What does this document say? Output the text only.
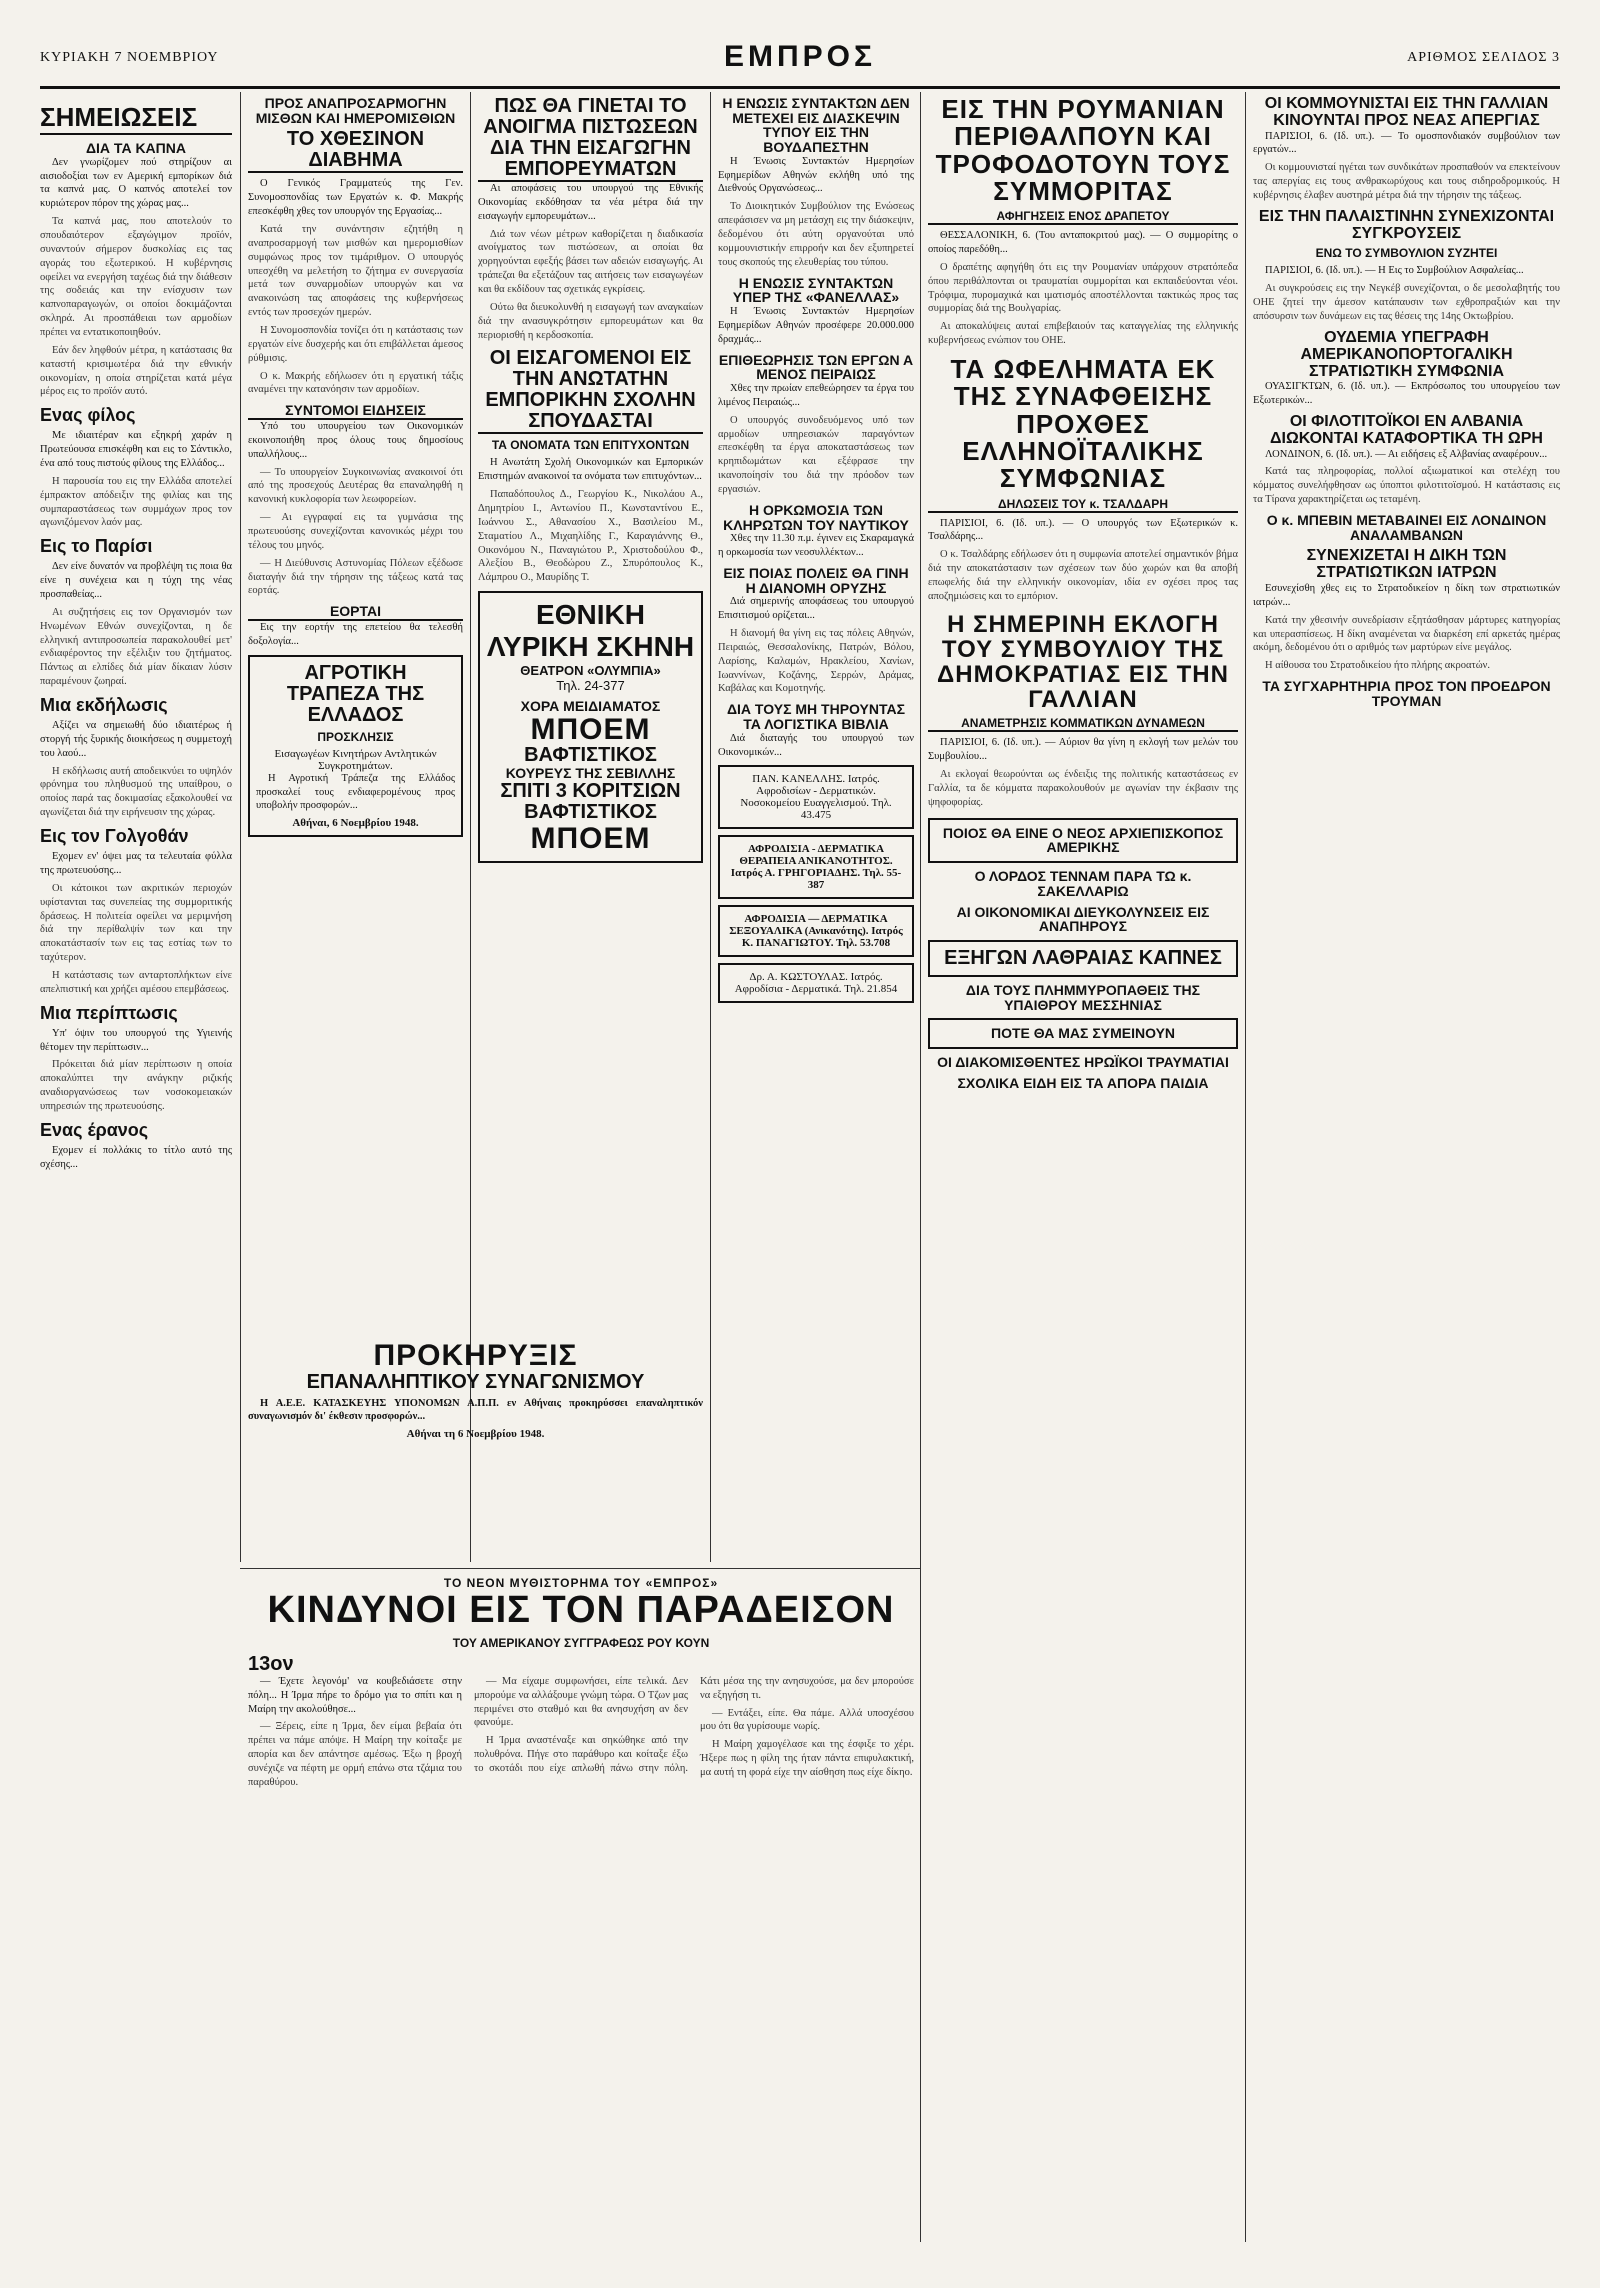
ΚΥΡΙΑΚΗ 7 ΝΟΕΜΒΡΙΟΥ	ΕΜΠΡΟΣ	ΑΡΙΘΜΟΣ ΣΕΛΙΔΟΣ 3
ΣΗΜΕΙΩΣΕΙΣ
ΔΙΑ ΤΑ ΚΑΠΝΑ

Δεν γνωρίζομεν πού στηρίζουν αι αισιοδοξίαι των εν Αμερική εμπορίκων διά τα καπνά μας. Ο καπνός αποτελεί τον κυριώτερον πόρον της χώρας μας...

Τα καπνά μας, που αποτελούν το σπουδαιότερον εξαγώγιμον προϊόν, συναντούν σήμερον δυσκολίας εις τας αγοράς του εξωτερικού. Η κυβέρνησις οφείλει να ενεργήση ταχέως διά την διάθεσιν της σοδειάς και την ενίσχυσιν των καπνοπαραγωγών, οι οποίοι δοκιμάζονται σκληρά. Αι προσπάθειαι των αρμοδίων πρέπει να εντατικοποιηθούν.

Εάν δεν ληφθούν μέτρα, η κατάστασις θα καταστή κρισιμωτέρα διά την εθνικήν οικονομίαν, η οποία στηρίζεται κατά μέγα μέρος εις το προϊόν αυτό.

Ενας φίλος

Με ιδιαιτέραν και εξηκρή χαράν η Πρωτεύουσα επισκέφθη και εις το Σάντικλο, ένα από τους πιστούς φίλους της Ελλάδος...

Η παρουσία του εις την Ελλάδα αποτελεί έμπρακτον απόδειξιν της φιλίας και της συμπαραστάσεως των συμμάχων προς τον αγωνιζόμενον λαόν μας.

Εις το Παρίσι

Δεν είνε δυνατόν να προβλέψη τις ποια θα είνε η συνέχεια και η τύχη της νέας προσπαθείας...

Αι συζητήσεις εις τον Οργανισμόν των Ηνωμένων Εθνών συνεχίζονται, η δε ελληνική αντιπροσωπεία παρακολουθεί μετ' ενδιαφέροντος την εξέλιξιν του ζητήματος. Πάντως αι ελπίδες διά μίαν δίκαιαν λύσιν παραμένουν ζωηραί.

Μια εκδήλωσις

Αξίζει να σημειωθή δύο ιδιαιτέρως ή στοργή τής ξυρικής διοικήσεως η συμμετοχή του λαού...

Η εκδήλωσις αυτή αποδεικνύει το υψηλόν φρόνημα του πληθυσμού της υπαίθρου, ο οποίος παρά τας δοκιμασίας εξακολουθεί να αγωνίζεται διά την ειρήνευσιν της χώρας.

Εις τον Γολγοθάν

Εχομεν εν' όψει μας τα τελευταία φύλλα της πρωτευούσης...

Οι κάτοικοι των ακριτικών περιοχών υφίστανται τας συνεπείας της συμμοριτικής δράσεως. Η πολιτεία οφείλει να μεριμνήση διά την περίθαλψίν των και την αποκατάστασίν των εις τας εστίας των το ταχύτερον.

Η κατάστασις των ανταρτοπλήκτων είνε απελπιστική και χρήζει αμέσου επεμβάσεως.

Μια περίπτωσις

Υπ' όψιν του υπουργού της Υγιεινής θέτομεν την περίπτωσιν...

Πρόκειται διά μίαν περίπτωσιν η οποία αποκαλύπτει την ανάγκην ριζικής αναδιοργανώσεως των νοσοκομειακών υπηρεσιών της πρωτευούσης.

Ενας έρανος

Εχομεν εί πολλάκις το τίτλο αυτό της σχέσης...

ΠΡΟΣ ΑΝΑΠΡΟΣΑΡΜΟΓΗΝ ΜΙΣΘΩΝ ΚΑΙ ΗΜΕΡΟΜΙΣΘΙΩΝ
ΤΟ ΧΘΕΣΙΝΟΝ ΔΙΑΒΗΜΑ

Ο Γενικός Γραμματεύς της Γεν. Συνομοσπονδίας των Εργατών κ. Φ. Μακρής επεσκέφθη χθες τον υπουργόν της Εργασίας...

Κατά την συνάντησιν εζητήθη η αναπροσαρμογή των μισθών και ημερομισθίων συμφώνως προς τον τιμάριθμον. Ο υπουργός υπεσχέθη να μελετήση το ζήτημα εν συνεργασία μετά των συναρμοδίων υπουργών και να ανακοινώση τας αποφάσεις της κυβερνήσεως εντός των προσεχών ημερών.

Η Συνομοσπονδία τονίζει ότι η κατάστασις των εργατών είνε δυσχερής και ότι επιβάλλεται άμεσος ρύθμισις.

Ο κ. Μακρής εδήλωσεν ότι η εργατική τάξις αναμένει την κατανόησιν των αρμοδίων.

ΣΥΝΤΟΜΟΙ ΕΙΔΗΣΕΙΣ

Υπό του υπουργείου των Οικονομικών εκοινοποιήθη προς όλους τους δημοσίους υπαλλήλους...

— Το υπουργείον Συγκοινωνίας ανακοινοί ότι από της προσεχούς Δευτέρας θα επαναληφθή η κανονική κυκλοφορία των λεωφορείων.

— Αι εγγραφαί εις τα γυμνάσια της πρωτευούσης συνεχίζονται κανονικώς μέχρι του τέλους του μηνός.

— Η Διεύθυνσις Αστυνομίας Πόλεων εξέδωσε διαταγήν διά την τήρησιν της τάξεως κατά τας εορτάς.

ΕΟΡΤΑΙ

Εις την εορτήν της επετείου θα τελεσθή δοξολογία...

ΑΓΡΟΤΙΚΗ ΤΡΑΠΕΖΑ ΤΗΣ ΕΛΛΑΔΟΣ
ΠΡΟΣΚΛΗΣΙΣ
Εισαγωγέων Κινητήρων Αντλητικών Συγκροτημάτων.

Η Αγροτική Τράπεζα της Ελλάδος προσκαλεί τους ενδιαφερομένους προς υποβολήν προσφορών...

Αθήναι, 6 Νοεμβρίου 1948.
ΠΩΣ ΘΑ ΓΙΝΕΤΑΙ ΤΟ ΑΝΟΙΓΜΑ ΠΙΣΤΩΣΕΩΝ ΔΙΑ ΤΗΝ ΕΙΣΑΓΩΓΗΝ ΕΜΠΟΡΕΥΜΑΤΩΝ

Αι αποφάσεις του υπουργού της Εθνικής Οικονομίας εκδόθησαν τα νέα μέτρα διά την εισαγωγήν εμπορευμάτων...

Διά των νέων μέτρων καθορίζεται η διαδικασία ανοίγματος των πιστώσεων, αι οποίαι θα χορηγούνται εφεξής βάσει των αδειών εισαγωγής. Αι τράπεζαι θα εξετάζουν τας αιτήσεις των εισαγωγέων και θα εκδίδουν τας σχετικάς εγκρίσεις.

Ούτω θα διευκολυνθή η εισαγωγή των αναγκαίων διά την ανασυγκρότησιν εμπορευμάτων και θα περιορισθή η κερδοσκοπία.

ΟΙ ΕΙΣΑΓΟΜΕΝΟΙ ΕΙΣ ΤΗΝ ΑΝΩΤΑΤΗΝ ΕΜΠΟΡΙΚΗΝ ΣΧΟΛΗΝ ΣΠΟΥΔΑΣΤΑΙ
ΤΑ ΟΝΟΜΑΤΑ ΤΩΝ ΕΠΙΤΥΧΟΝΤΩΝ

Η Ανωτάτη Σχολή Οικονομικών και Εμπορικών Επιστημών ανακοινοί τα ονόματα των επιτυχόντων...

Παπαδόπουλος Δ., Γεωργίου Κ., Νικολάου Α., Δημητρίου Ι., Αντωνίου Π., Κωνσταντίνου Ε., Ιωάννου Σ., Αθανασίου Χ., Βασιλείου Μ., Σταματίου Λ., Μιχαηλίδης Γ., Καραγιάννης Θ., Οικονόμου Ν., Παναγιώτου Ρ., Χριστοδούλου Φ., Αλεξίου Β., Θεοδώρου Ζ., Σπυρόπουλος Κ., Λάμπρου Ο., Μαυρίδης Τ.

ΕΘΝΙΚΗ ΛΥΡΙΚΗ ΣΚΗΝΗ
ΘΕΑΤΡΟΝ «ΟΛΥΜΠΙΑ»
Τηλ. 24-377
ΧΟΡΑ ΜΕΙΔΙΑΜΑΤΟΣ
ΜΠΟΕΜ
ΒΑΦΤΙΣΤΙΚΟΣ
ΚΟΥΡΕΥΣ ΤΗΣ ΣΕΒΙΛΛΗΣ
ΣΠΙΤΙ 3 ΚΟΡΙΤΣΙΩΝ
ΒΑΦΤΙΣΤΙΚΟΣ
ΜΠΟΕΜ
Η ΕΝΩΣΙΣ ΣΥΝΤΑΚΤΩΝ ΔΕΝ ΜΕΤΕΧΕΙ ΕΙΣ ΔΙΑΣΚΕΨΙΝ ΤΥΠΟΥ ΕΙΣ ΤΗΝ ΒΟΥΔΑΠΕΣΤΗΝ

Η Ένωσις Συντακτών Ημερησίων Εφημερίδων Αθηνών εκλήθη υπό της Διεθνούς Οργανώσεως...

Το Διοικητικόν Συμβούλιον της Ενώσεως απεφάσισεν να μη μετάσχη εις την διάσκεψιν, δεδομένου ότι αύτη οργανούται υπό κομμουνιστικήν επιρροήν και δεν εξυπηρετεί τους σκοπούς της ελευθερίας του τύπου.

Η ΕΝΩΣΙΣ ΣΥΝΤΑΚΤΩΝ ΥΠΕΡ ΤΗΣ «ΦΑΝΕΛΛΑΣ»

Η Ένωσις Συντακτών Ημερησίων Εφημερίδων Αθηνών προσέφερε 20.000.000 δραχμάς...

ΕΠΙΘΕΩΡΗΣΙΣ ΤΩΝ ΕΡΓΩΝ Α ΜΕΝΟΣ ΠΕΙΡΑΙΩΣ

Χθες την πρωίαν επεθεώρησεν τα έργα του λιμένος Πειραιώς...

Ο υπουργός συνοδευόμενος υπό των αρμοδίων υπηρεσιακών παραγόντων επεσκέφθη τα έργα αποκαταστάσεως των κρηπιδωμάτων και εξέφρασε την ικανοποίησίν του διά την πρόοδον των εργασιών.

Η ΟΡΚΩΜΟΣΙΑ ΤΩΝ ΚΛΗΡΩΤΩΝ ΤΟΥ ΝΑΥΤΙΚΟΥ

Χθες την 11.30 π.μ. έγινεν εις Σκαραμαγκά η ορκωμοσία των νεοσυλλέκτων...

ΕΙΣ ΠΟΙΑΣ ΠΟΛΕΙΣ ΘΑ ΓΙΝΗ Η ΔΙΑΝΟΜΗ ΟΡΥΖΗΣ

Διά σημερινής αποφάσεως του υπουργού Επισιτισμού ορίζεται...

Η διανομή θα γίνη εις τας πόλεις Αθηνών, Πειραιώς, Θεσσαλονίκης, Πατρών, Βόλου, Λαρίσης, Καλαμών, Ηρακλείου, Χανίων, Ιωαννίνων, Κοζάνης, Σερρών, Δράμας, Καβάλας και Κομοτηνής.

ΔΙΑ ΤΟΥΣ ΜΗ ΤΗΡΟΥΝΤΑΣ ΤΑ ΛΟΓΙΣΤΙΚΑ ΒΙΒΛΙΑ

Διά διαταγής του υπουργού των Οικονομικών...

ΠΑΝ. ΚΑΝΕΛΛΗΣ. Ιατρός. Αφροδισίων - Δερματικών. Νοσοκομείου Ευαγγελισμού. Τηλ. 43.475
ΑΦΡΟΔΙΣΙΑ - ΔΕΡΜΑΤΙΚΑ ΘΕΡΑΠΕΙΑ ΑΝΙΚΑΝΟΤΗΤΟΣ. Ιατρός Α. ΓΡΗΓΟΡΙΑΔΗΣ. Τηλ. 55-387
ΑΦΡΟΔΙΣΙΑ — ΔΕΡΜΑΤΙΚΑ ΣΕΞΟΥΑΛΙΚΑ (Ανικανότης). Ιατρός Κ. ΠΑΝΑΓΙΩΤΟΥ. Τηλ. 53.708
Δρ. Α. ΚΩΣΤΟΥΛΑΣ. Ιατρός. Αφροδίσια - Δερματικά. Τηλ. 21.854
ΕΙΣ ΤΗΝ ΡΟΥΜΑΝΙΑΝ ΠΕΡΙΘΑΛΠΟΥΝ ΚΑΙ ΤΡΟΦΟΔΟΤΟΥΝ ΤΟΥΣ ΣΥΜΜΟΡΙΤΑΣ
ΑΦΗΓΗΣΕΙΣ ΕΝΟΣ ΔΡΑΠΕΤΟΥ

ΘΕΣΣΑΛΟΝΙΚΗ, 6. (Του ανταποκριτού μας). — Ο συμμορίτης ο οποίος παρεδόθη...

Ο δραπέτης αφηγήθη ότι εις την Ρουμανίαν υπάρχουν στρατόπεδα όπου περιθάλπονται οι τραυματίαι συμμορίται και εκπαιδεύονται νέοι. Τρόφιμα, πυρομαχικά και ιματισμός αποστέλλονται τακτικώς προς τας συμμορίας διά της Βουλγαρίας.

Αι αποκαλύψεις αυταί επιβεβαιούν τας καταγγελίας της ελληνικής κυβερνήσεως ενώπιον του ΟΗΕ.

ΤΑ ΩΦΕΛΗΜΑΤΑ ΕΚ ΤΗΣ ΣΥΝΑΦΘΕΙΣΗΣ ΠΡΟΧΘΕΣ ΕΛΛΗΝΟΪΤΑΛΙΚΗΣ ΣΥΜΦΩΝΙΑΣ
ΔΗΛΩΣΕΙΣ ΤΟΥ κ. ΤΣΑΛΔΑΡΗ

ΠΑΡΙΣΙΟΙ, 6. (Ιδ. υπ.). — Ο υπουργός των Εξωτερικών κ. Τσαλδάρης...

Ο κ. Τσαλδάρης εδήλωσεν ότι η συμφωνία αποτελεί σημαντικόν βήμα διά την αποκατάστασιν των σχέσεων των δύο χωρών και θα αποβή επωφελής διά την ελληνικήν οικονομίαν, ιδία εν σχέσει προς τας αποζημιώσεις και το εμπόριον.

Η ΣΗΜΕΡΙΝΗ ΕΚΛΟΓΗ ΤΟΥ ΣΥΜΒΟΥΛΙΟΥ ΤΗΣ ΔΗΜΟΚΡΑΤΙΑΣ ΕΙΣ ΤΗΝ ΓΑΛΛΙΑΝ
ΑΝΑΜΕΤΡΗΣΙΣ ΚΟΜΜΑΤΙΚΩΝ ΔΥΝΑΜΕΩΝ

ΠΑΡΙΣΙΟΙ, 6. (Ιδ. υπ.). — Αύριον θα γίνη η εκλογή των μελών του Συμβουλίου...

Αι εκλογαί θεωρούνται ως ένδειξις της πολιτικής καταστάσεως εν Γαλλία, τα δε κόμματα παρακολουθούν με αγωνίαν την έκβασιν της ψηφοφορίας.

ΠΟΙΟΣ ΘΑ ΕΙΝΕ Ο ΝΕΟΣ ΑΡΧΙΕΠΙΣΚΟΠΟΣ ΑΜΕΡΙΚΗΣ
Ο ΛΟΡΔΟΣ ΤΕΝΝΑΜ ΠΑΡΑ ΤΩ κ. ΣΑΚΕΛΛΑΡΙΩ
ΑΙ ΟΙΚΟΝΟΜΙΚΑΙ ΔΙΕΥΚΟΛΥΝΣΕΙΣ ΕΙΣ ΑΝΑΠΗΡΟΥΣ
ΕΞΗΓΩΝ ΛΑΘΡΑΙΑΣ ΚΑΠΝΕΣ
ΔΙΑ ΤΟΥΣ ΠΛΗΜΜΥΡΟΠΑΘΕΙΣ ΤΗΣ ΥΠΑΙΘΡΟΥ ΜΕΣΣΗΝΙΑΣ
ΠΟΤΕ ΘΑ ΜΑΣ ΣΥΜΕΙΝΟΥΝ
ΟΙ ΔΙΑΚΟΜΙΣΘΕΝΤΕΣ ΗΡΩΪΚΟΙ ΤΡΑΥΜΑΤΙΑΙ
ΣΧΟΛΙΚΑ ΕΙΔΗ ΕΙΣ ΤΑ ΑΠΟΡΑ ΠΑΙΔΙΑ
ΟΙ ΚΟΜΜΟΥΝΙΣΤΑΙ ΕΙΣ ΤΗΝ ΓΑΛΛΙΑΝ ΚΙΝΟΥΝΤΑΙ ΠΡΟΣ ΝΕΑΣ ΑΠΕΡΓΙΑΣ

ΠΑΡΙΣΙΟΙ, 6. (Ιδ. υπ.). — Το ομοσπονδιακόν συμβούλιον των εργατών...

Οι κομμουνισταί ηγέται των συνδικάτων προσπαθούν να επεκτείνουν τας απεργίας εις τους ανθρακωρύχους και τους σιδηροδρομικούς. Η κυβέρνησις έλαβεν αυστηρά μέτρα διά την τήρησιν της τάξεως.

ΕΙΣ ΤΗΝ ΠΑΛΑΙΣΤΙΝΗΝ ΣΥΝΕΧΙΖΟΝΤΑΙ ΣΥΓΚΡΟΥΣΕΙΣ
ΕΝΩ ΤΟ ΣΥΜΒΟΥΛΙΟΝ ΣΥΖΗΤΕΙ

ΠΑΡΙΣΙΟΙ, 6. (Ιδ. υπ.). — Η Εις το Συμβούλιον Ασφαλείας...

Αι συγκρούσεις εις την Νεγκέβ συνεχίζονται, ο δε μεσολαβητής του ΟΗΕ ζητεί την άμεσον κατάπαυσιν των εχθροπραξιών και την απόσυρσιν των δυνάμεων εις τας θέσεις της 14ης Οκτωβρίου.

ΟΥΔΕΜΙΑ ΥΠΕΓΡΑΦΗ ΑΜΕΡΙΚΑΝΟΠΟΡΤΟΓΑΛΙΚΗ ΣΤΡΑΤΙΩΤΙΚΗ ΣΥΜΦΩΝΙΑ

ΟΥΑΣΙΓΚΤΩΝ, 6. (Ιδ. υπ.). — Εκπρόσωπος του υπουργείου των Εξωτερικών...

ΟΙ ΦΙΛΟΤΙΤΟΪΚΟΙ ΕΝ ΑΛΒΑΝΙΑ ΔΙΩΚΟΝΤΑΙ ΚΑΤΑΦΟΡΤΙΚΑ ΤΗ ΩΡΗ

ΛΟΝΔΙΝΟΝ, 6. (Ιδ. υπ.). — Αι ειδήσεις εξ Αλβανίας αναφέρουν...

Κατά τας πληροφορίας, πολλοί αξιωματικοί και στελέχη του κόμματος συνελήφθησαν ως ύποπτοι φιλοτιτοϊσμού. Η κατάστασις εις τα Τίρανα χαρακτηρίζεται ως τεταμένη.

Ο κ. ΜΠΕΒΙΝ ΜΕΤΑΒΑΙΝΕΙ ΕΙΣ ΛΟΝΔΙΝΟΝ ΑΝΑΛΑΜΒΑΝΩΝ
ΣΥΝΕΧΙΖΕΤΑΙ Η ΔΙΚΗ ΤΩΝ ΣΤΡΑΤΙΩΤΙΚΩΝ ΙΑΤΡΩΝ

Εσυνεχίσθη χθες εις το Στρατοδικείον η δίκη των στρατιωτικών ιατρών...

Κατά την χθεσινήν συνεδρίασιν εξητάσθησαν μάρτυρες κατηγορίας και υπερασπίσεως. Η δίκη αναμένεται να διαρκέση επί αρκετάς ημέρας ακόμη, δεδομένου ότι ο αριθμός των μαρτύρων είνε μεγάλος.

Η αίθουσα του Στρατοδικείου ήτο πλήρης ακροατών.

ΤΑ ΣΥΓΧΑΡΗΤΗΡΙΑ ΠΡΟΣ ΤΟΝ ΠΡΟΕΔΡΟΝ ΤΡΟΥΜΑΝ
ΠΡΟΚΗΡΥΞΙΣ
ΕΠΑΝΑΛΗΠΤΙΚΟΥ ΣΥΝΑΓΩΝΙΣΜΟΥ

Η Α.Ε.Ε. ΚΑΤΑΣΚΕΥΗΣ ΥΠΟΝΟΜΩΝ Α.Π.Π. εν Αθήναις προκηρύσσει επαναληπτικόν συναγωνισμόν δι' έκθεσιν προσφορών...

Αθήναι τη 6 Νοεμβρίου 1948.
ΤΟ ΝΕΟΝ ΜΥΘΙΣΤΟΡΗΜΑ ΤΟΥ «ΕΜΠΡΟΣ»
ΚΙΝΔΥΝΟΙ ΕΙΣ ΤΟΝ ΠΑΡΑΔΕΙΣΟΝ
ΤΟΥ ΑΜΕΡΙΚΑΝΟΥ ΣΥΓΓΡΑΦΕΩΣ ΡΟΥ ΚΟΥΝ
13ον

— Έχετε λεγονόμ' να κουβεδιάσετε στην πόλη... Η Ίρμα πήρε το δρόμο για το σπίτι και η Μαίρη την ακολούθησε...

— Ξέρεις, είπε η Ίρμα, δεν είμαι βεβαία ότι πρέπει να πάμε απόψε. Η Μαίρη την κοίταξε με απορία και δεν απάντησε αμέσως. Έξω η βροχή συνέχιζε να πέφτη με ορμή επάνω στα τζάμια του παραθύρου.

— Μα είχαμε συμφωνήσει, είπε τελικά. Δεν μπορούμε να αλλάξουμε γνώμη τώρα. Ο Τζων μας περιμένει στο σταθμό και θα ανησυχήση αν δεν φανούμε.

Η Ίρμα αναστέναξε και σηκώθηκε από την πολυθρόνα. Πήγε στο παράθυρο και κοίταξε έξω το σκοτάδι που είχε απλωθή πάνω στην πόλη. Κάτι μέσα της την ανησυχούσε, μα δεν μπορούσε να εξηγήση τι.

— Εντάξει, είπε. Θα πάμε. Αλλά υποσχέσου μου ότι θα γυρίσουμε νωρίς.

Η Μαίρη χαμογέλασε και της έσφιξε το χέρι. Ήξερε πως η φίλη της ήταν πάντα επιφυλακτική, μα αυτή τη φορά είχε την αίσθηση πως είχε δίκηο.
